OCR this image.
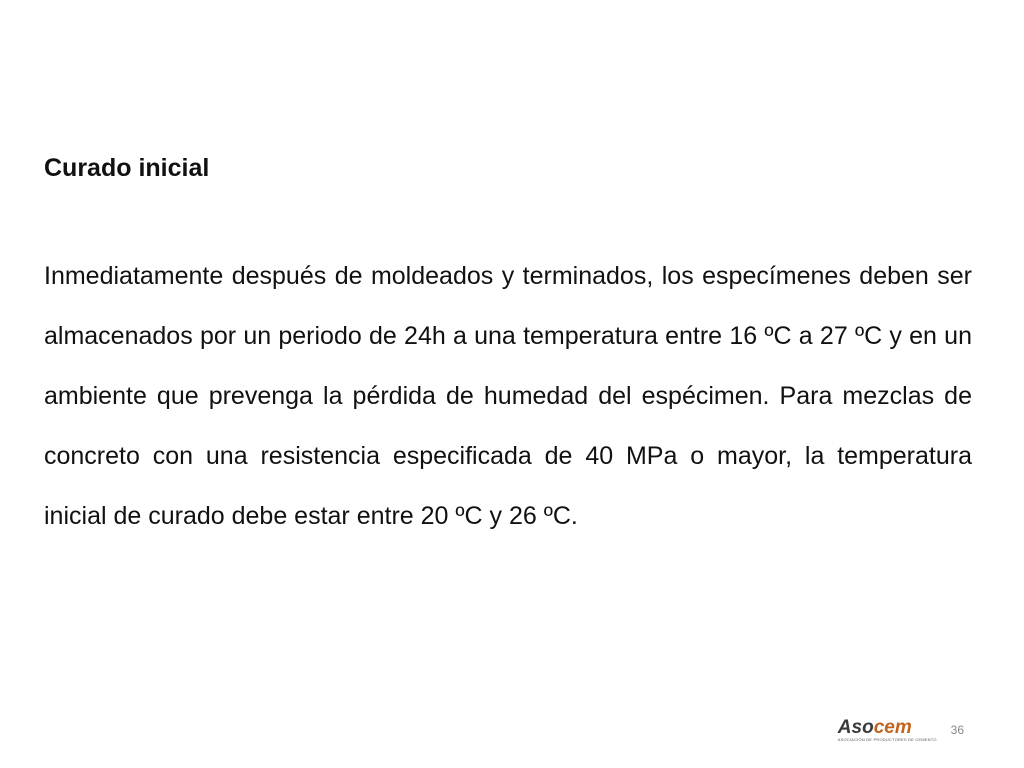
Curado inicial

Inmediatamente después de moldeados y terminados, los especímenes deben ser almacenados por un periodo de 24h a una temperatura entre 16 ºC a 27 ºC y en un ambiente que prevenga la pérdida de humedad del espécimen. Para mezclas de concreto con una resistencia especificada de 40 MPa o mayor, la temperatura inicial de curado debe estar entre 20 ºC y 26 ºC.

Asocem
ASOCIACIÓN DE PRODUCTORES DE CEMENTO
36
